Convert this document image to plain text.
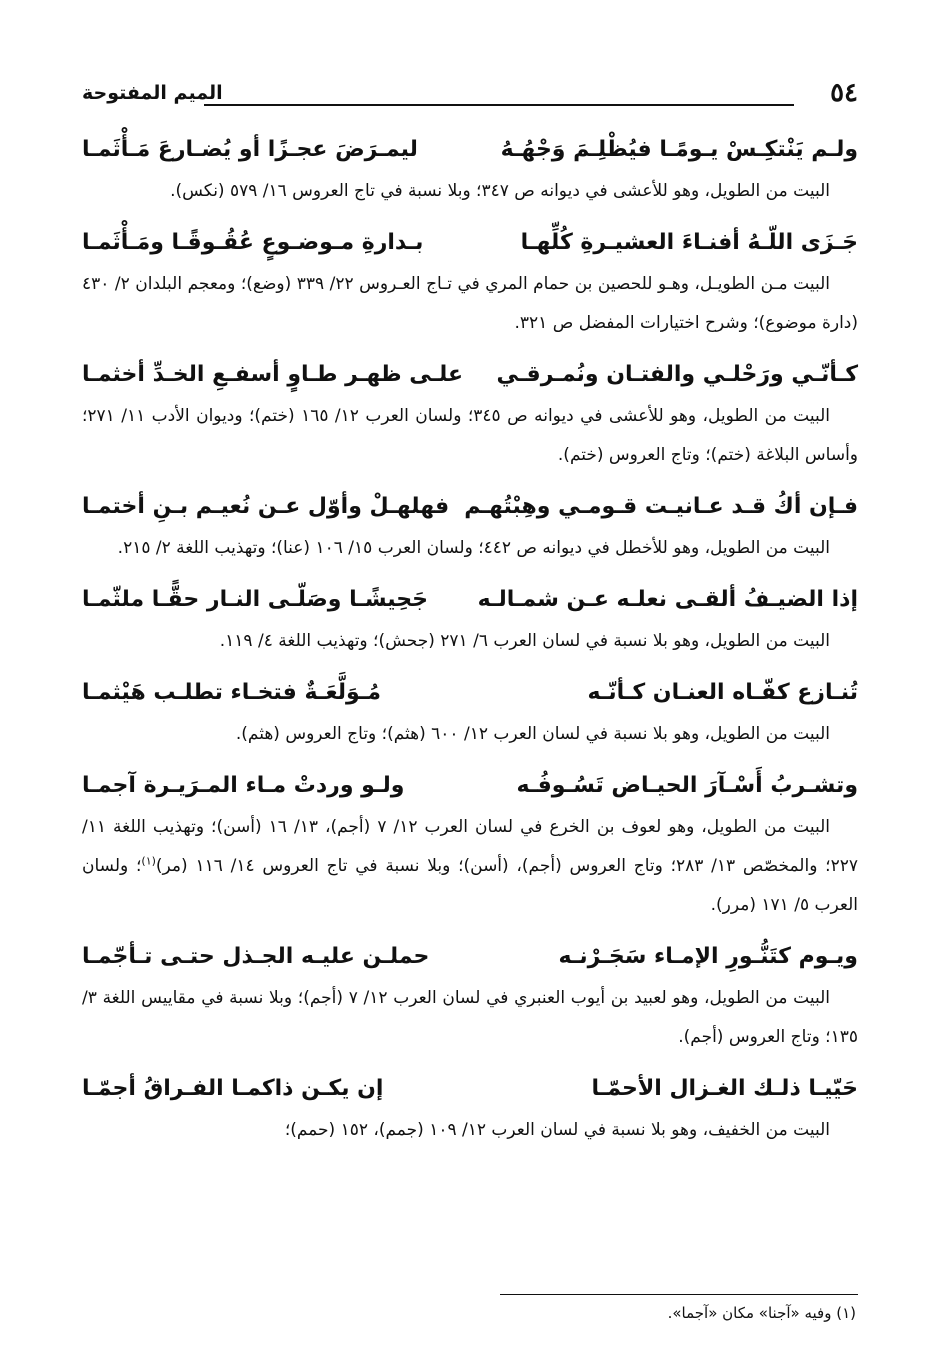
٥٤
الميم المفتوحة
ولـم يَنْتكِـسْ يـومًـا فيُظْلِـمَ وَجْهُـهُ
ليمـرَضَ عجـزًا أو يُضـارعَ مَـأْثَمـا

البيت من الطويل، وهو للأعشى في ديوانه ص ٣٤٧؛ وبلا نسبة في تاج العروس ١٦/ ٥٧٩ (نكس).

جَـزَى اللّـهُ أفنـاءَ العشيـرةِ كُلِّهـا
بـدارةِ مـوضـوعٍ عُقُـوقًـا ومَـأْثَمـا

البيت مـن الطويـل، وهـو للحصين بن حمام المري في تـاج العـروس ٢٢/ ٣٣٩ (وضع)؛ ومعجم البلدان ٢/ ٤٣٠ (دارة موضوع)؛ وشرح اختيارات المفضل ص ٣٢١.

كـأنّـي ورَحْلـي والفتـان ونُمـرقـي
علـى ظهـر طـاوٍ أسفـعِ الخـدِّ أخثمـا

البيت من الطويل، وهو للأعشى في ديوانه ص ٣٤٥؛ ولسان العرب ١٢/ ١٦٥ (ختم)؛ وديوان الأدب ١١/ ٢٧١؛ وأساس البلاغة (ختم)؛ وتاج العروس (ختم).

فـإن أكُ قـد عـانيـت قـومـي وهِبْتُهـم
فهلهـلْ وأوّل عـن نُعيـم بـنِ أختمـا

البيت من الطويل، وهو للأخطل في ديوانه ص ٤٤٢؛ ولسان العرب ١٥/ ١٠٦ (عنا)؛ وتهذيب اللغة ٢/ ٢١٥.

إذا الضيـفُ ألقـى نعلـه عـن شمـالـه
جَحِيشًـا وصَلّـى النـار حقًّـا ملثّمـا

البيت من الطويل، وهو بلا نسبة في لسان العرب ٦/ ٢٧١ (جحش)؛ وتهذيب اللغة ٤/ ١١٩.

تُنـازع كفّـاه العنـان كـأنّـه
مُـوَلَّعَـةٌ فتخـاء تطلـب هَيْثمـا

البيت من الطويل، وهو بلا نسبة في لسان العرب ١٢/ ٦٠٠ (هثم)؛ وتاج العروس (هثم).

وتشـربُ أَسْـآرَ الحيـاض تَسُـوفُـه
ولـو وردتْ مـاء المـرَيـرة آجمـا

البيت من الطويل، وهو لعوف بن الخرع في لسان العرب ١٢/ ٧ (أجم)، ١٣/ ١٦ (أسن)؛ وتهذيب اللغة ١١/ ٢٢٧؛ والمخصّص ١٣/ ٢٨٣؛ وتاج العروس (أجم)، (أسن)؛ وبلا نسبة في تاج العروس ١٤/ ١١٦ (مر)$^{(١)}$؛ ولسان العرب ٥/ ١٧١ (مرر).

ويـوم كتَنُّـورِ الإمـاء سَجَـرْنـه
حملـن عليـه الجـذل حتـى تـأجّمـا

البيت من الطويل، وهو لعبيد بن أيوب العنبري في لسان العرب ١٢/ ٧ (أجم)؛ وبلا نسبة في مقاييس اللغة ٣/ ١٣٥؛ وتاج العروس (أجم).

حَيّيـا ذلـك الغـزال الأحمّـا
إن يكـن ذاكمـا الفـراقُ أجمّـا

البيت من الخفيف، وهو بلا نسبة في لسان العرب ١٢/ ١٠٩ (جمم)، ١٥٢ (حمم)؛

(١) وفيه «آجنا» مكان «آجما».
